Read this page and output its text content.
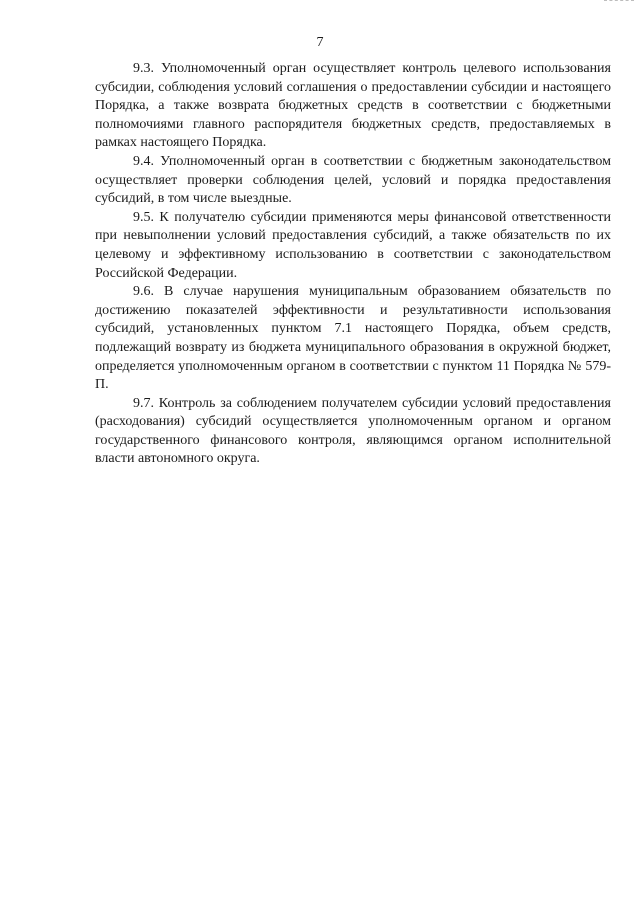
7

9.3. Уполномоченный орган осуществляет контроль целевого использования субсидии, соблюдения условий соглашения о предоставлении субсидии и настоящего Порядка, а также возврата бюджетных средств в соответствии с бюджетными полномочиями главного распорядителя бюджетных средств, предоставляемых в рамках настоящего Порядка.

9.4. Уполномоченный орган в соответствии с бюджетным законодательством осуществляет проверки соблюдения целей, условий и порядка предоставления субсидий, в том числе выездные.

9.5. К получателю субсидии применяются меры финансовой ответственности при невыполнении условий предоставления субсидий, а также обязательств по их целевому и эффективному использованию в соответствии с законодательством Российской Федерации.

9.6. В случае нарушения муниципальным образованием обязательств по достижению показателей эффективности и результативности использования субсидий, установленных пунктом 7.1 настоящего Порядка, объем средств, подлежащий возврату из бюджета муниципального образования в окружной бюджет, определяется уполномоченным органом в соответствии с пунктом 11 Порядка № 579-П.

9.7. Контроль за соблюдением получателем субсидии условий предоставления (расходования) субсидий осуществляется уполномоченным органом и органом государственного финансового контроля, являющимся органом исполнительной власти автономного округа.
